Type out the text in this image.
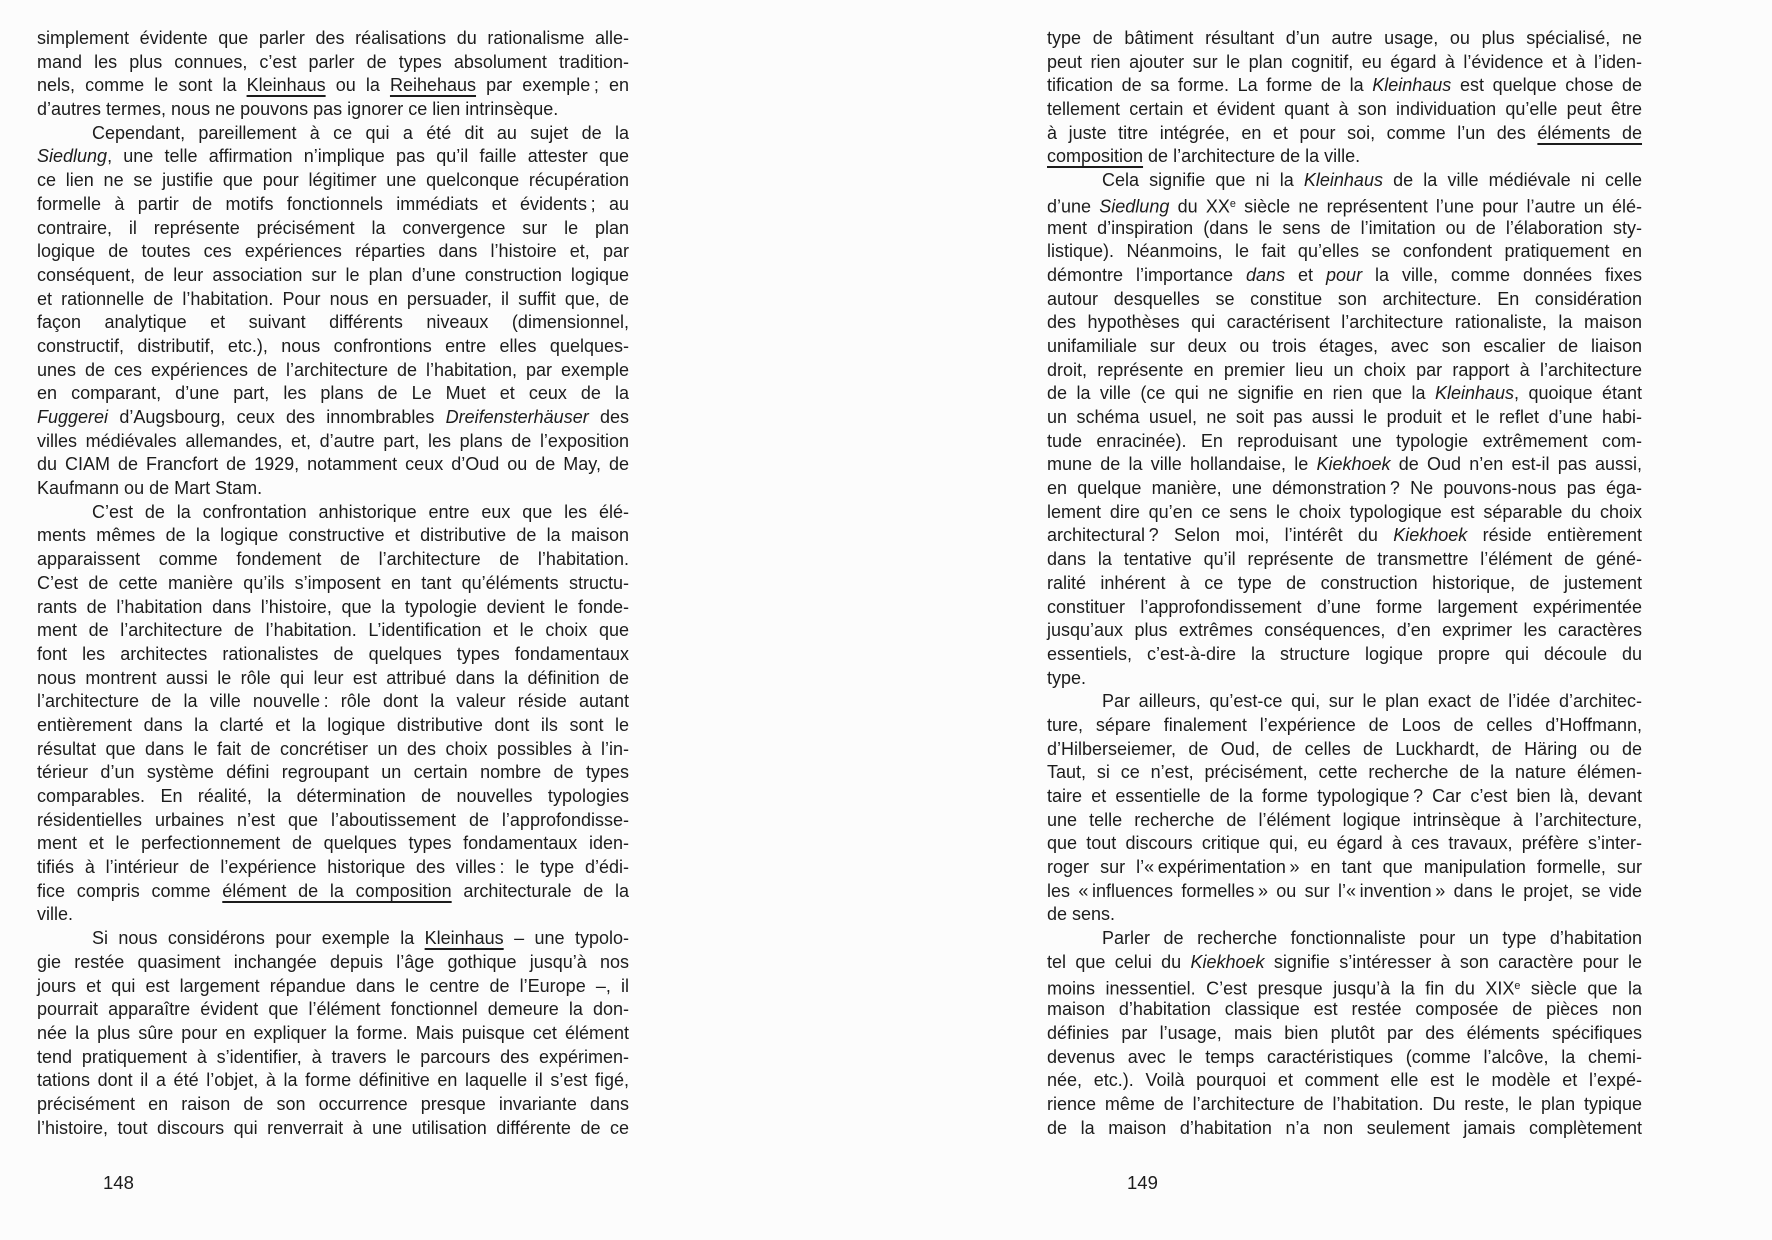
simplement évidente que parler des réalisations du rationalisme alle-
mand les plus connues, c’est parler de types absolument tradition-
nels, comme le sont la Kleinhaus ou la Reihehaus par exemple ; en
d’autres termes, nous ne pouvons pas ignorer ce lien intrinsèque.
Cependant, pareillement à ce qui a été dit au sujet de la
Siedlung, une telle affirmation n’implique pas qu’il faille attester que
ce lien ne se justifie que pour légitimer une quelconque récupération
formelle à partir de motifs fonctionnels immédiats et évidents ; au
contraire, il représente précisément la convergence sur le plan
logique de toutes ces expériences réparties dans l’histoire et, par
conséquent, de leur association sur le plan d’une construction logique
et rationnelle de l’habitation. Pour nous en persuader, il suffit que, de
façon analytique et suivant différents niveaux (dimensionnel,
constructif, distributif, etc.), nous confrontions entre elles quelques-
unes de ces expériences de l’architecture de l’habitation, par exemple
en comparant, d’une part, les plans de Le Muet et ceux de la
Fuggerei d’Augsbourg, ceux des innombrables Dreifensterhäuser des
villes médiévales allemandes, et, d’autre part, les plans de l’exposition
du CIAM de Francfort de 1929, notamment ceux d’Oud ou de May, de
Kaufmann ou de Mart Stam.
C’est de la confrontation anhistorique entre eux que les élé-
ments mêmes de la logique constructive et distributive de la maison
apparaissent comme fondement de l’architecture de l’habitation.
C’est de cette manière qu’ils s’imposent en tant qu’éléments structu-
rants de l’habitation dans l’histoire, que la typologie devient le fonde-
ment de l’architecture de l’habitation. L’identification et le choix que
font les architectes rationalistes de quelques types fondamentaux
nous montrent aussi le rôle qui leur est attribué dans la définition de
l’architecture de la ville nouvelle : rôle dont la valeur réside autant
entièrement dans la clarté et la logique distributive dont ils sont le
résultat que dans le fait de concrétiser un des choix possibles à l’in-
térieur d’un système défini regroupant un certain nombre de types
comparables. En réalité, la détermination de nouvelles typologies
résidentielles urbaines n’est que l’aboutissement de l’approfondisse-
ment et le perfectionnement de quelques types fondamentaux iden-
tifiés à l’intérieur de l’expérience historique des villes : le type d’édi-
fice compris comme élément de la composition architecturale de la
ville.
Si nous considérons pour exemple la Kleinhaus – une typolo-
gie restée quasiment inchangée depuis l’âge gothique jusqu’à nos
jours et qui est largement répandue dans le centre de l’Europe –, il
pourrait apparaître évident que l’élément fonctionnel demeure la don-
née la plus sûre pour en expliquer la forme. Mais puisque cet élément
tend pratiquement à s’identifier, à travers le parcours des expérimen-
tations dont il a été l’objet, à la forme définitive en laquelle il s’est figé,
précisément en raison de son occurrence presque invariante dans
l’histoire, tout discours qui renverrait à une utilisation différente de ce
type de bâtiment résultant d’un autre usage, ou plus spécialisé, ne
peut rien ajouter sur le plan cognitif, eu égard à l’évidence et à l’iden-
tification de sa forme. La forme de la Kleinhaus est quelque chose de
tellement certain et évident quant à son individuation qu’elle peut être
à juste titre intégrée, en et pour soi, comme l’un des éléments de
composition de l’architecture de la ville.
Cela signifie que ni la Kleinhaus de la ville médiévale ni celle
d’une Siedlung du XXe siècle ne représentent l’une pour l’autre un élé-
ment d’inspiration (dans le sens de l’imitation ou de l’élaboration sty-
listique). Néanmoins, le fait qu’elles se confondent pratiquement en
démontre l’importance dans et pour la ville, comme données fixes
autour desquelles se constitue son architecture. En considération
des hypothèses qui caractérisent l’architecture rationaliste, la maison
unifamiliale sur deux ou trois étages, avec son escalier de liaison
droit, représente en premier lieu un choix par rapport à l’architecture
de la ville (ce qui ne signifie en rien que la Kleinhaus, quoique étant
un schéma usuel, ne soit pas aussi le produit et le reflet d’une habi-
tude enracinée). En reproduisant une typologie extrêmement com-
mune de la ville hollandaise, le Kiekhoek de Oud n’en est-il pas aussi,
en quelque manière, une démonstration ? Ne pouvons-nous pas éga-
lement dire qu’en ce sens le choix typologique est séparable du choix
architectural ? Selon moi, l’intérêt du Kiekhoek réside entièrement
dans la tentative qu’il représente de transmettre l’élément de géné-
ralité inhérent à ce type de construction historique, de justement
constituer l’approfondissement d’une forme largement expérimentée
jusqu’aux plus extrêmes conséquences, d’en exprimer les caractères
essentiels, c’est-à-dire la structure logique propre qui découle du
type.
Par ailleurs, qu’est-ce qui, sur le plan exact de l’idée d’architec-
ture, sépare finalement l’expérience de Loos de celles d’Hoffmann,
d’Hilberseiemer, de Oud, de celles de Luckhardt, de Häring ou de
Taut, si ce n’est, précisément, cette recherche de la nature élémen-
taire et essentielle de la forme typologique ? Car c’est bien là, devant
une telle recherche de l’élément logique intrinsèque à l’architecture,
que tout discours critique qui, eu égard à ces travaux, préfère s’inter-
roger sur l’« expérimentation » en tant que manipulation formelle, sur
les « influences formelles » ou sur l’« invention » dans le projet, se vide
de sens.
Parler de recherche fonctionnaliste pour un type d’habitation
tel que celui du Kiekhoek signifie s’intéresser à son caractère pour le
moins inessentiel. C’est presque jusqu’à la fin du XIXe siècle que la
maison d’habitation classique est restée composée de pièces non
définies par l’usage, mais bien plutôt par des éléments spécifiques
devenus avec le temps caractéristiques (comme l’alcôve, la chemi-
née, etc.). Voilà pourquoi et comment elle est le modèle et l’expé-
rience même de l’architecture de l’habitation. Du reste, le plan typique
de la maison d’habitation n’a non seulement jamais complètement
148	149
